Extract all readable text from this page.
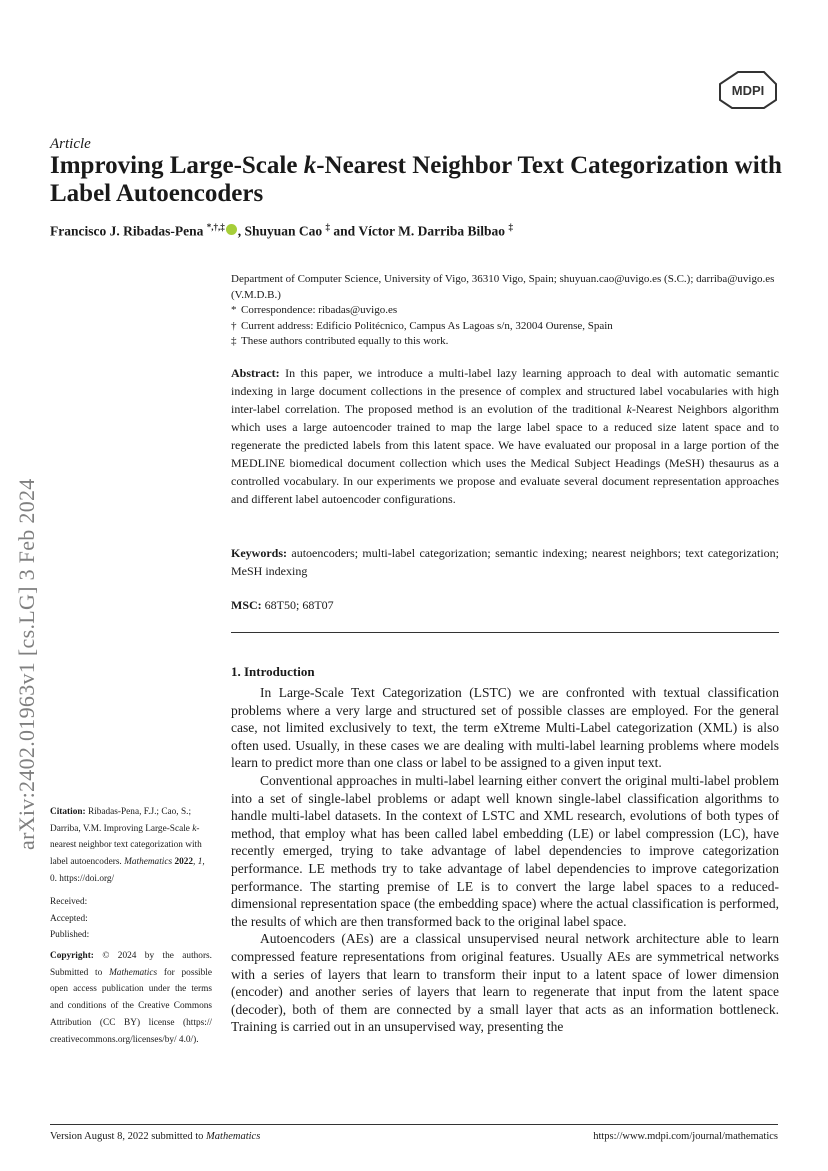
MDPI
Article
Improving Large-Scale k-Nearest Neighbor Text Categorization with Label Autoencoders
Francisco J. Ribadas-Pena *,†,‡ , Shuyuan Cao ‡ and Víctor M. Darriba Bilbao ‡
Department of Computer Science, University of Vigo, 36310 Vigo, Spain; shuyuan.cao@uvigo.es (S.C.); darriba@uvigo.es (V.M.D.B.)
* Correspondence: ribadas@uvigo.es
† Current address: Edificio Politécnico, Campus As Lagoas s/n, 32004 Ourense, Spain
‡ These authors contributed equally to this work.
Abstract: In this paper, we introduce a multi-label lazy learning approach to deal with automatic semantic indexing in large document collections in the presence of complex and structured label vocabularies with high inter-label correlation. The proposed method is an evolution of the traditional k-Nearest Neighbors algorithm which uses a large autoencoder trained to map the large label space to a reduced size latent space and to regenerate the predicted labels from this latent space. We have evaluated our proposal in a large portion of the MEDLINE biomedical document collection which uses the Medical Subject Headings (MeSH) thesaurus as a controlled vocabulary. In our experiments we propose and evaluate several document representation approaches and different label autoencoder configurations.
Keywords: autoencoders; multi-label categorization; semantic indexing; nearest neighbors; text categorization; MeSH indexing
MSC: 68T50; 68T07
1. Introduction

In Large-Scale Text Categorization (LSTC) we are confronted with textual classification problems where a very large and structured set of possible classes are employed. For the general case, not limited exclusively to text, the term eXtreme Multi-Label categorization (XML) is also often used. Usually, in these cases we are dealing with multi-label learning problems where models learn to predict more than one class or label to be assigned to a given input text.

Conventional approaches in multi-label learning either convert the original multi-label problem into a set of single-label problems or adapt well known single-label classification algorithms to handle multi-label datasets. In the context of LSTC and XML research, evolutions of both types of method, that employ what has been called label embedding (LE) or label compression (LC), have recently emerged, trying to take advantage of label dependencies to improve categorization performance. LE methods try to take advantage of label dependencies to improve categorization performance. The starting premise of LE is to convert the large label spaces to a reduced-dimensional representation space (the embedding space) where the actual classification is performed, the results of which are then transformed back to the original label space.

Autoencoders (AEs) are a classical unsupervised neural network architecture able to learn compressed feature representations from original features. Usually AEs are symmetrical networks with a series of layers that learn to transform their input to a latent space of lower dimension (encoder) and another series of layers that learn to regenerate that input from the latent space (decoder), both of them are connected by a small layer that acts as an information bottleneck. Training is carried out in an unsupervised way, presenting the

arXiv:2402.01963v1 [cs.LG] 3 Feb 2024	Citation: Ribadas-Pena, F.J.; Cao, S.; Darriba, V.M. Improving Large-Scale k-nearest neighbor text categorization with label autoencoders. Mathematics 2022, 1, 0. https://doi.org/
Received:
Accepted:
Published:
Copyright: © 2024 by the authors. Submitted to Mathematics for possible open access publication under the terms and conditions of the Creative Commons Attribution (CC BY) license (https:// creativecommons.org/licenses/by/ 4.0/).
Version August 8, 2022 submitted to Mathematics	https://www.mdpi.com/journal/mathematics
